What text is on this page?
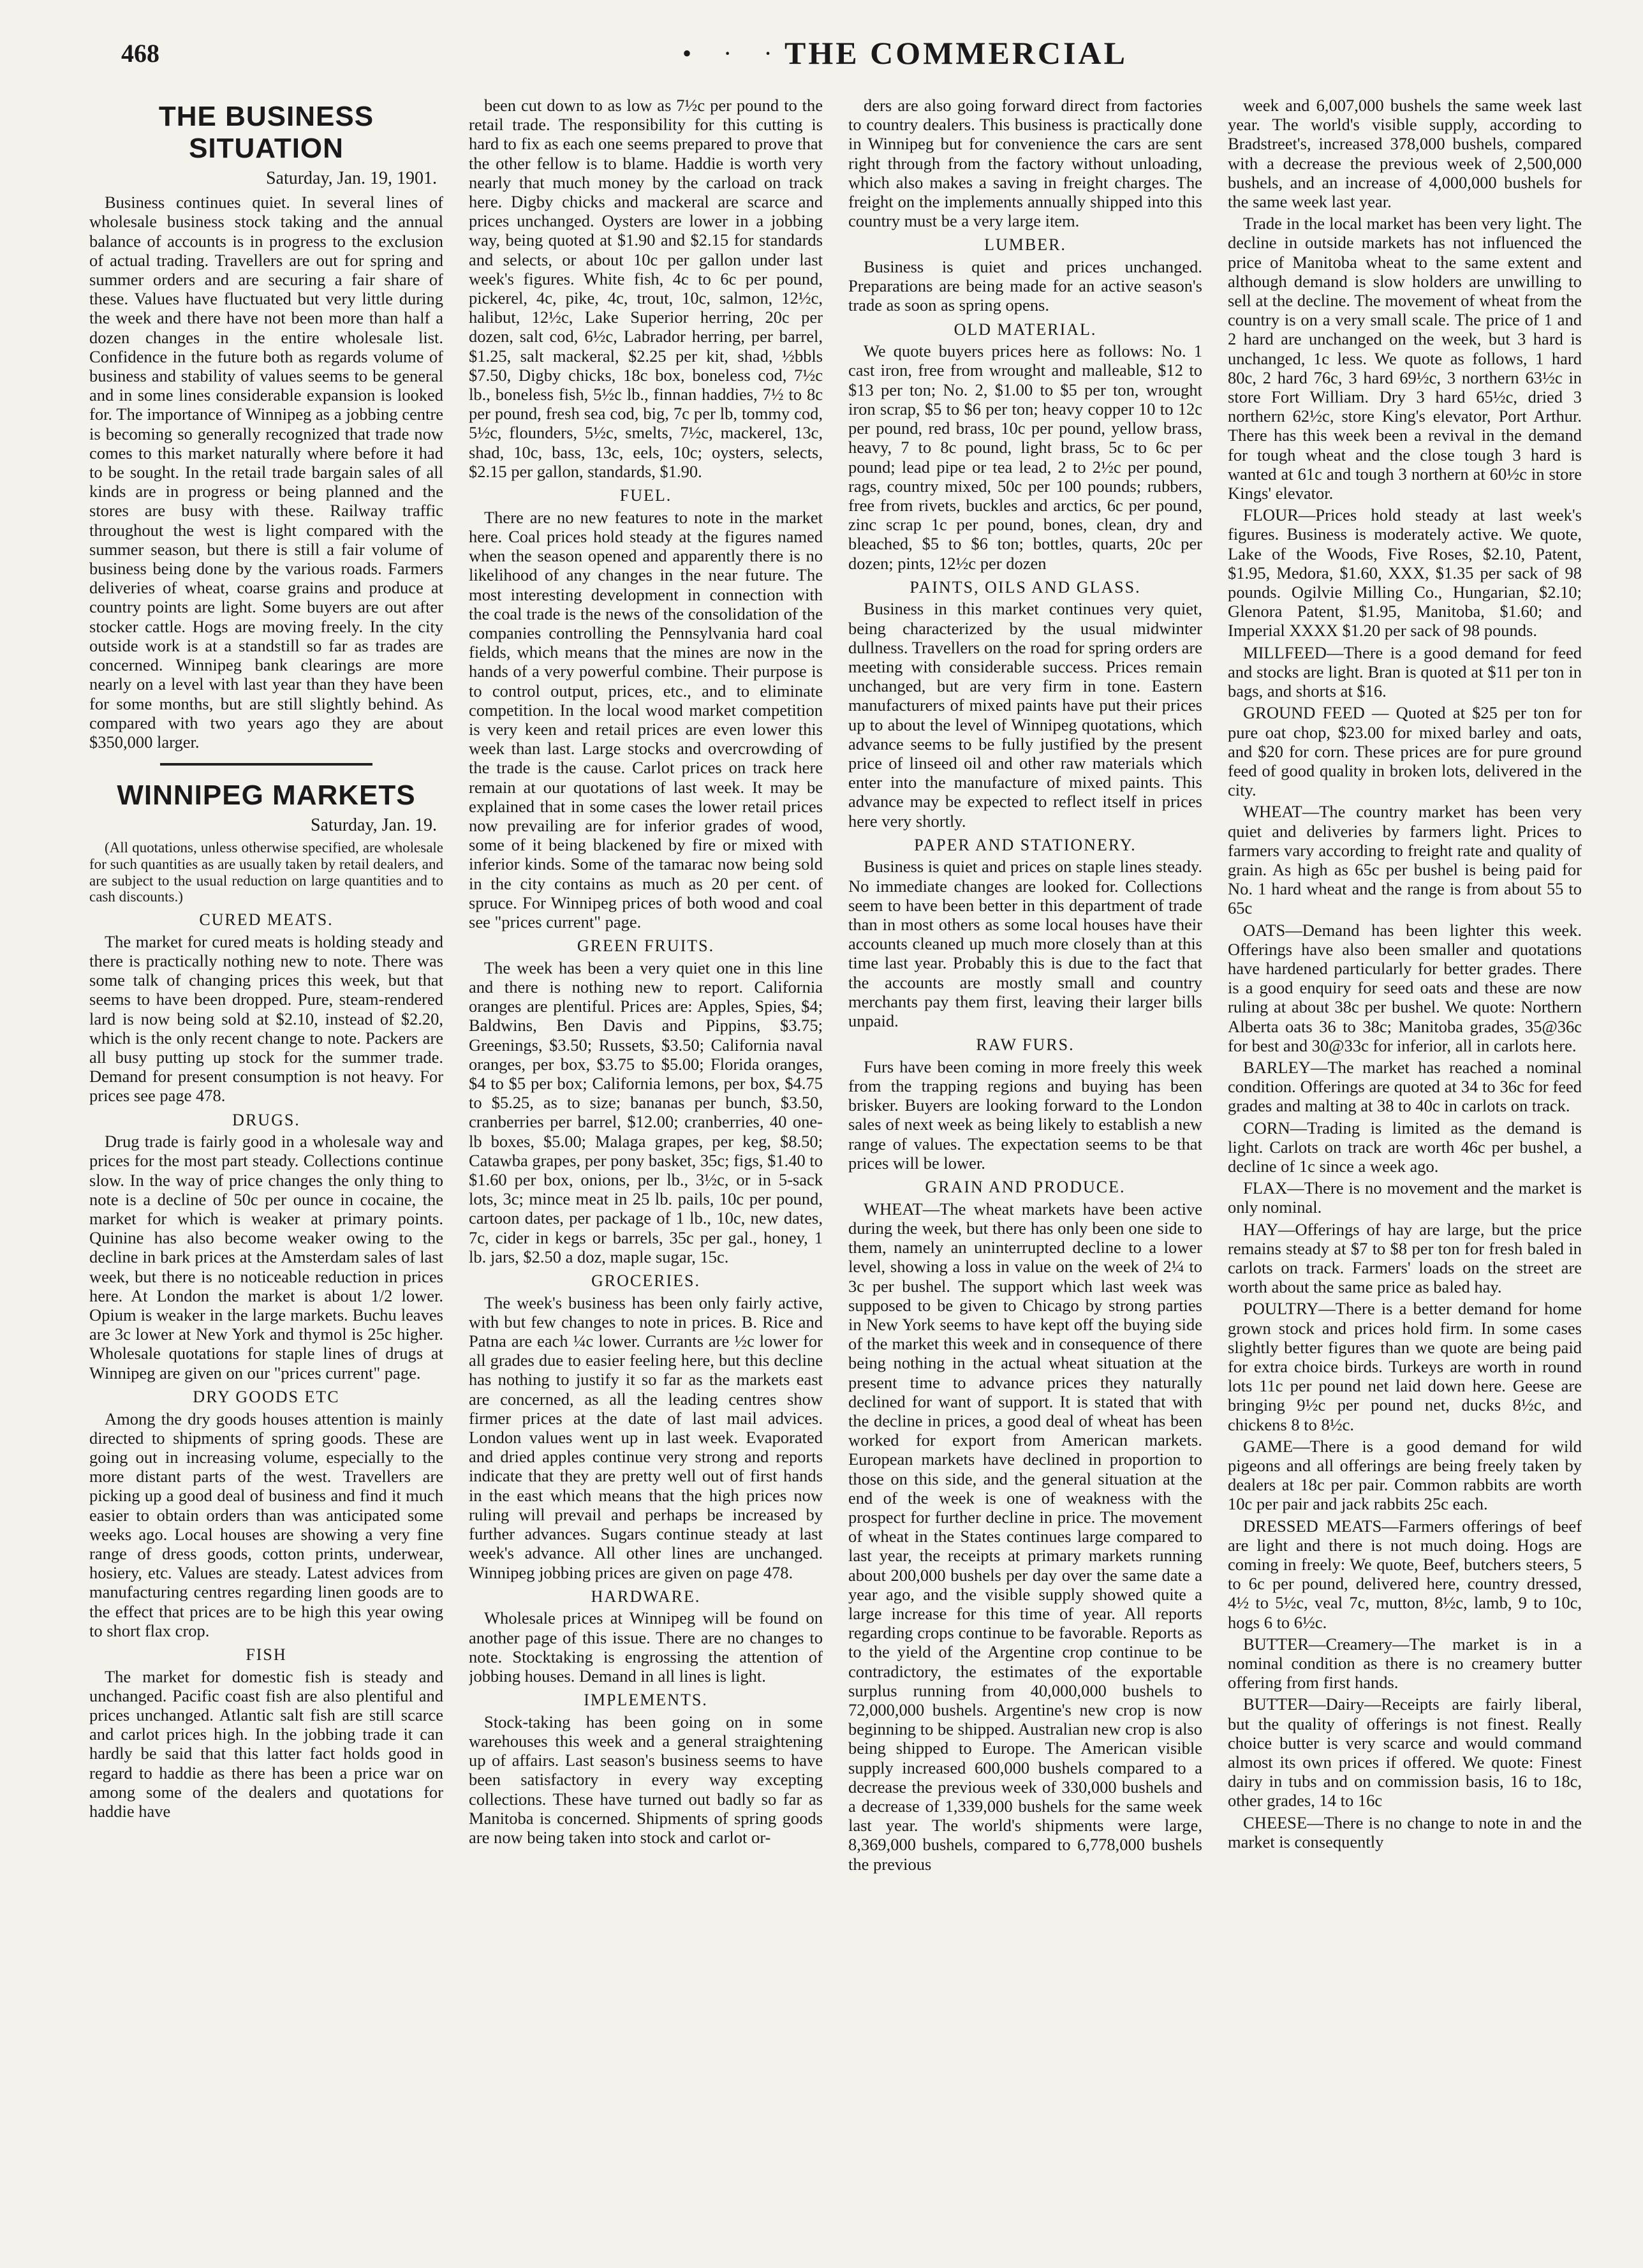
468	• · · THE COMMERCIAL
THE BUSINESS SITUATION
Saturday, Jan. 19, 1901.

Business continues quiet. In several lines of wholesale business stock taking and the annual balance of accounts is in progress to the exclusion of actual trading. Travellers are out for spring and summer orders and are securing a fair share of these. Values have fluctuated but very little during the week and there have not been more than half a dozen changes in the entire wholesale list. Confidence in the future both as regards volume of business and stability of values seems to be general and in some lines considerable expansion is looked for. The importance of Winnipeg as a jobbing centre is becoming so generally recognized that trade now comes to this market naturally where before it had to be sought. In the retail trade bargain sales of all kinds are in progress or being planned and the stores are busy with these. Railway traffic throughout the west is light compared with the summer season, but there is still a fair volume of business being done by the various roads. Farmers deliveries of wheat, coarse grains and produce at country points are light. Some buyers are out after stocker cattle. Hogs are moving freely. In the city outside work is at a standstill so far as trades are concerned. Winnipeg bank clearings are more nearly on a level with last year than they have been for some months, but are still slightly behind. As compared with two years ago they are about $350,000 larger.

WINNIPEG MARKETS
Saturday, Jan. 19.

(All quotations, unless otherwise specified, are wholesale for such quantities as are usually taken by retail dealers, and are subject to the usual reduction on large quantities and to cash discounts.)

CURED MEATS.

The market for cured meats is holding steady and there is practically nothing new to note. There was some talk of changing prices this week, but that seems to have been dropped. Pure, steam-rendered lard is now being sold at $2.10, instead of $2.20, which is the only recent change to note. Packers are all busy putting up stock for the summer trade. Demand for present consumption is not heavy. For prices see page 478.

DRUGS.

Drug trade is fairly good in a wholesale way and prices for the most part steady. Collections continue slow. In the way of price changes the only thing to note is a decline of 50c per ounce in cocaine, the market for which is weaker at primary points. Quinine has also become weaker owing to the decline in bark prices at the Amsterdam sales of last week, but there is no noticeable reduction in prices here. At London the market is about 1/2 lower. Opium is weaker in the large markets. Buchu leaves are 3c lower at New York and thymol is 25c higher. Wholesale quotations for staple lines of drugs at Winnipeg are given on our "prices current" page.

DRY GOODS ETC

Among the dry goods houses attention is mainly directed to shipments of spring goods. These are going out in increasing volume, especially to the more distant parts of the west. Travellers are picking up a good deal of business and find it much easier to obtain orders than was anticipated some weeks ago. Local houses are showing a very fine range of dress goods, cotton prints, underwear, hosiery, etc. Values are steady. Latest advices from manufacturing centres regarding linen goods are to the effect that prices are to be high this year owing to short flax crop.

FISH

The market for domestic fish is steady and unchanged. Pacific coast fish are also plentiful and prices unchanged. Atlantic salt fish are still scarce and carlot prices high. In the jobbing trade it can hardly be said that this latter fact holds good in regard to haddie as there has been a price war on among some of the dealers and quotations for haddie have

been cut down to as low as 7½c per pound to the retail trade. The responsibility for this cutting is hard to fix as each one seems prepared to prove that the other fellow is to blame. Haddie is worth very nearly that much money by the carload on track here. Digby chicks and mackeral are scarce and prices unchanged. Oysters are lower in a jobbing way, being quoted at $1.90 and $2.15 for standards and selects, or about 10c per gallon under last week's figures. White fish, 4c to 6c per pound, pickerel, 4c, pike, 4c, trout, 10c, salmon, 12½c, halibut, 12½c, Lake Superior herring, 20c per dozen, salt cod, 6½c, Labrador herring, per barrel, $1.25, salt mackeral, $2.25 per kit, shad, ½bbls $7.50, Digby chicks, 18c box, boneless cod, 7½c lb., boneless fish, 5½c lb., finnan haddies, 7½ to 8c per pound, fresh sea cod, big, 7c per lb, tommy cod, 5½c, flounders, 5½c, smelts, 7½c, mackerel, 13c, shad, 10c, bass, 13c, eels, 10c; oysters, selects, $2.15 per gallon, standards, $1.90.

FUEL.

There are no new features to note in the market here. Coal prices hold steady at the figures named when the season opened and apparently there is no likelihood of any changes in the near future. The most interesting development in connection with the coal trade is the news of the consolidation of the companies controlling the Pennsylvania hard coal fields, which means that the mines are now in the hands of a very powerful combine. Their purpose is to control output, prices, etc., and to eliminate competition. In the local wood market competition is very keen and retail prices are even lower this week than last. Large stocks and overcrowding of the trade is the cause. Carlot prices on track here remain at our quotations of last week. It may be explained that in some cases the lower retail prices now prevailing are for inferior grades of wood, some of it being blackened by fire or mixed with inferior kinds. Some of the tamarac now being sold in the city contains as much as 20 per cent. of spruce. For Winnipeg prices of both wood and coal see "prices current" page.

GREEN FRUITS.

The week has been a very quiet one in this line and there is nothing new to report. California oranges are plentiful. Prices are: Apples, Spies, $4; Baldwins, Ben Davis and Pippins, $3.75; Greenings, $3.50; Russets, $3.50; California naval oranges, per box, $3.75 to $5.00; Florida oranges, $4 to $5 per box; California lemons, per box, $4.75 to $5.25, as to size; bananas per bunch, $3.50, cranberries per barrel, $12.00; cranberries, 40 one-lb boxes, $5.00; Malaga grapes, per keg, $8.50; Catawba grapes, per pony basket, 35c; figs, $1.40 to $1.60 per box, onions, per lb., 3½c, or in 5-sack lots, 3c; mince meat in 25 lb. pails, 10c per pound, cartoon dates, per package of 1 lb., 10c, new dates, 7c, cider in kegs or barrels, 35c per gal., honey, 1 lb. jars, $2.50 a doz, maple sugar, 15c.

GROCERIES.

The week's business has been only fairly active, with but few changes to note in prices. B. Rice and Patna are each ¼c lower. Currants are ½c lower for all grades due to easier feeling here, but this decline has nothing to justify it so far as the markets east are concerned, as all the leading centres show firmer prices at the date of last mail advices. London values went up in last week. Evaporated and dried apples continue very strong and reports indicate that they are pretty well out of first hands in the east which means that the high prices now ruling will prevail and perhaps be increased by further advances. Sugars continue steady at last week's advance. All other lines are unchanged. Winnipeg jobbing prices are given on page 478.

HARDWARE.

Wholesale prices at Winnipeg will be found on another page of this issue. There are no changes to note. Stocktaking is engrossing the attention of jobbing houses. Demand in all lines is light.

IMPLEMENTS.

Stock-taking has been going on in some warehouses this week and a general straightening up of affairs. Last season's business seems to have been satisfactory in every way excepting collections. These have turned out badly so far as Manitoba is concerned. Shipments of spring goods are now being taken into stock and carlot or-

ders are also going forward direct from factories to country dealers. This business is practically done in Winnipeg but for convenience the cars are sent right through from the factory without unloading, which also makes a saving in freight charges. The freight on the implements annually shipped into this country must be a very large item.

LUMBER.

Business is quiet and prices unchanged. Preparations are being made for an active season's trade as soon as spring opens.

OLD MATERIAL.

We quote buyers prices here as follows: No. 1 cast iron, free from wrought and malleable, $12 to $13 per ton; No. 2, $1.00 to $5 per ton, wrought iron scrap, $5 to $6 per ton; heavy copper 10 to 12c per pound, red brass, 10c per pound, yellow brass, heavy, 7 to 8c pound, light brass, 5c to 6c per pound; lead pipe or tea lead, 2 to 2½c per pound, rags, country mixed, 50c per 100 pounds; rubbers, free from rivets, buckles and arctics, 6c per pound, zinc scrap 1c per pound, bones, clean, dry and bleached, $5 to $6 ton; bottles, quarts, 20c per dozen; pints, 12½c per dozen

PAINTS, OILS AND GLASS.

Business in this market continues very quiet, being characterized by the usual midwinter dullness. Travellers on the road for spring orders are meeting with considerable success. Prices remain unchanged, but are very firm in tone. Eastern manufacturers of mixed paints have put their prices up to about the level of Winnipeg quotations, which advance seems to be fully justified by the present price of linseed oil and other raw materials which enter into the manufacture of mixed paints. This advance may be expected to reflect itself in prices here very shortly.

PAPER AND STATIONERY.

Business is quiet and prices on staple lines steady. No immediate changes are looked for. Collections seem to have been better in this department of trade than in most others as some local houses have their accounts cleaned up much more closely than at this time last year. Probably this is due to the fact that the accounts are mostly small and country merchants pay them first, leaving their larger bills unpaid.

RAW FURS.

Furs have been coming in more freely this week from the trapping regions and buying has been brisker. Buyers are looking forward to the London sales of next week as being likely to establish a new range of values. The expectation seems to be that prices will be lower.

GRAIN AND PRODUCE.

WHEAT—The wheat markets have been active during the week, but there has only been one side to them, namely an uninterrupted decline to a lower level, showing a loss in value on the week of 2¼ to 3c per bushel. The support which last week was supposed to be given to Chicago by strong parties in New York seems to have kept off the buying side of the market this week and in consequence of there being nothing in the actual wheat situation at the present time to advance prices they naturally declined for want of support. It is stated that with the decline in prices, a good deal of wheat has been worked for export from American markets. European markets have declined in proportion to those on this side, and the general situation at the end of the week is one of weakness with the prospect for further decline in price. The movement of wheat in the States continues large compared to last year, the receipts at primary markets running about 200,000 bushels per day over the same date a year ago, and the visible supply showed quite a large increase for this time of year. All reports regarding crops continue to be favorable. Reports as to the yield of the Argentine crop continue to be contradictory, the estimates of the exportable surplus running from 40,000,000 bushels to 72,000,000 bushels. Argentine's new crop is now beginning to be shipped. Australian new crop is also being shipped to Europe. The American visible supply increased 600,000 bushels compared to a decrease the previous week of 330,000 bushels and a decrease of 1,339,000 bushels for the same week last year. The world's shipments were large, 8,369,000 bushels, compared to 6,778,000 bushels the previous

week and 6,007,000 bushels the same week last year. The world's visible supply, according to Bradstreet's, increased 378,000 bushels, compared with a decrease the previous week of 2,500,000 bushels, and an increase of 4,000,000 bushels for the same week last year.

Trade in the local market has been very light. The decline in outside markets has not influenced the price of Manitoba wheat to the same extent and although demand is slow holders are unwilling to sell at the decline. The movement of wheat from the country is on a very small scale. The price of 1 and 2 hard are unchanged on the week, but 3 hard is unchanged, 1c less. We quote as follows, 1 hard 80c, 2 hard 76c, 3 hard 69½c, 3 northern 63½c in store Fort William. Dry 3 hard 65½c, dried 3 northern 62½c, store King's elevator, Port Arthur. There has this week been a revival in the demand for tough wheat and the close tough 3 hard is wanted at 61c and tough 3 northern at 60½c in store Kings' elevator.

FLOUR—Prices hold steady at last week's figures. Business is moderately active. We quote, Lake of the Woods, Five Roses, $2.10, Patent, $1.95, Medora, $1.60, XXX, $1.35 per sack of 98 pounds. Ogilvie Milling Co., Hungarian, $2.10; Glenora Patent, $1.95, Manitoba, $1.60; and Imperial XXXX $1.20 per sack of 98 pounds.

MILLFEED—There is a good demand for feed and stocks are light. Bran is quoted at $11 per ton in bags, and shorts at $16.

GROUND FEED — Quoted at $25 per ton for pure oat chop, $23.00 for mixed barley and oats, and $20 for corn. These prices are for pure ground feed of good quality in broken lots, delivered in the city.

WHEAT—The country market has been very quiet and deliveries by farmers light. Prices to farmers vary according to freight rate and quality of grain. As high as 65c per bushel is being paid for No. 1 hard wheat and the range is from about 55 to 65c

OATS—Demand has been lighter this week. Offerings have also been smaller and quotations have hardened particularly for better grades. There is a good enquiry for seed oats and these are now ruling at about 38c per bushel. We quote: Northern Alberta oats 36 to 38c; Manitoba grades, 35@36c for best and 30@33c for inferior, all in carlots here.

BARLEY—The market has reached a nominal condition. Offerings are quoted at 34 to 36c for feed grades and malting at 38 to 40c in carlots on track.

CORN—Trading is limited as the demand is light. Carlots on track are worth 46c per bushel, a decline of 1c since a week ago.

FLAX—There is no movement and the market is only nominal.

HAY—Offerings of hay are large, but the price remains steady at $7 to $8 per ton for fresh baled in carlots on track. Farmers' loads on the street are worth about the same price as baled hay.

POULTRY—There is a better demand for home grown stock and prices hold firm. In some cases slightly better figures than we quote are being paid for extra choice birds. Turkeys are worth in round lots 11c per pound net laid down here. Geese are bringing 9½c per pound net, ducks 8½c, and chickens 8 to 8½c.

GAME—There is a good demand for wild pigeons and all offerings are being freely taken by dealers at 18c per pair. Common rabbits are worth 10c per pair and jack rabbits 25c each.

DRESSED MEATS—Farmers offerings of beef are light and there is not much doing. Hogs are coming in freely: We quote, Beef, butchers steers, 5 to 6c per pound, delivered here, country dressed, 4½ to 5½c, veal 7c, mutton, 8½c, lamb, 9 to 10c, hogs 6 to 6½c.

BUTTER—Creamery—The market is in a nominal condition as there is no creamery butter offering from first hands.

BUTTER—Dairy—Receipts are fairly liberal, but the quality of offerings is not finest. Really choice butter is very scarce and would command almost its own prices if offered. We quote: Finest dairy in tubs and on commission basis, 16 to 18c, other grades, 14 to 16c

CHEESE—There is no change to note in and the market is consequently
